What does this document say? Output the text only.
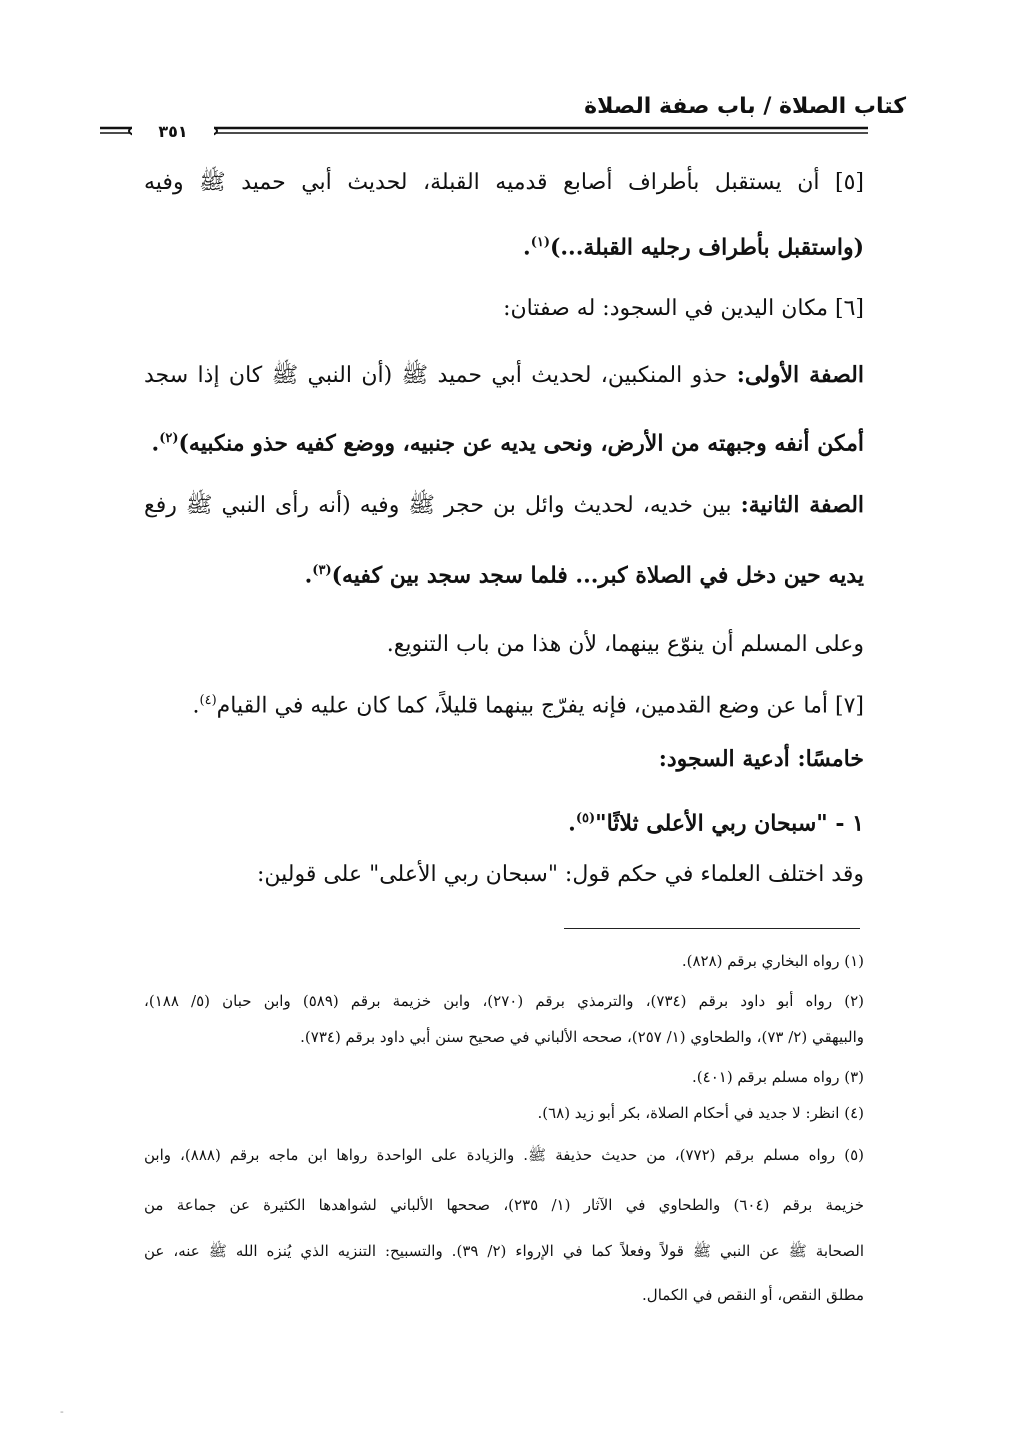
كتاب الصلاة / باب صفة الصلاة
٣٥١
[٥] أن يستقبل بأطراف أصابع قدميه القبلة، لحديث أبي حميد ﷺ وفيه
(واستقبل بأطراف رجليه القبلة...)$^{(١)}$.
[٦] مكان اليدين في السجود: له صفتان:
الصفة الأولى: حذو المنكبين، لحديث أبي حميد ﷺ (أن النبي ﷺ كان إذا سجد
أمكن أنفه وجبهته من الأرض، ونحى يديه عن جنبيه، ووضع كفيه حذو منكبيه)$^{(٢)}$.
الصفة الثانية: بين خديه، لحديث وائل بن حجر ﷺ وفيه (أنه رأى النبي ﷺ رفع
يديه حين دخل في الصلاة كبر... فلما سجد سجد بين كفيه)$^{(٣)}$.
وعلى المسلم أن ينوّع بينهما، لأن هذا من باب التنويع.
[٧] أما عن وضع القدمين، فإنه يفرّج بينهما قليلاً، كما كان عليه في القيام$^{(٤)}$.
خامسًا: أدعية السجود:
١ - "سبحان ربي الأعلى ثلاثًا"$^{(٥)}$.
وقد اختلف العلماء في حكم قول: "سبحان ربي الأعلى" على قولين:
(١) رواه البخاري برقم (٨٢٨).
(٢) رواه أبو داود برقم (٧٣٤)، والترمذي برقم (٢٧٠)، وابن خزيمة برقم (٥٨٩) وابن حبان (٥/ ١٨٨)،
والبيهقي (٢/ ٧٣)، والطحاوي (١/ ٢٥٧)، صححه الألباني في صحيح سنن أبي داود برقم (٧٣٤).
(٣) رواه مسلم برقم (٤٠١).
(٤) انظر: لا جديد في أحكام الصلاة، بكر أبو زيد (٦٨).
(٥) رواه مسلم برقم (٧٧٢)، من حديث حذيفة ﷺ. والزيادة على الواحدة رواها ابن ماجه برقم (٨٨٨)، وابن
خزيمة برقم (٦٠٤) والطحاوي في الآثار (١/ ٢٣٥)، صححها الألباني لشواهدها الكثيرة عن جماعة من
الصحابة ﷺ عن النبي ﷺ قولاً وفعلاً كما في الإرواء (٢/ ٣٩). والتسبيح: التنزيه الذي يُنزه الله ﷺ عنه، عن
مطلق النقص، أو النقص في الكمال.
-
